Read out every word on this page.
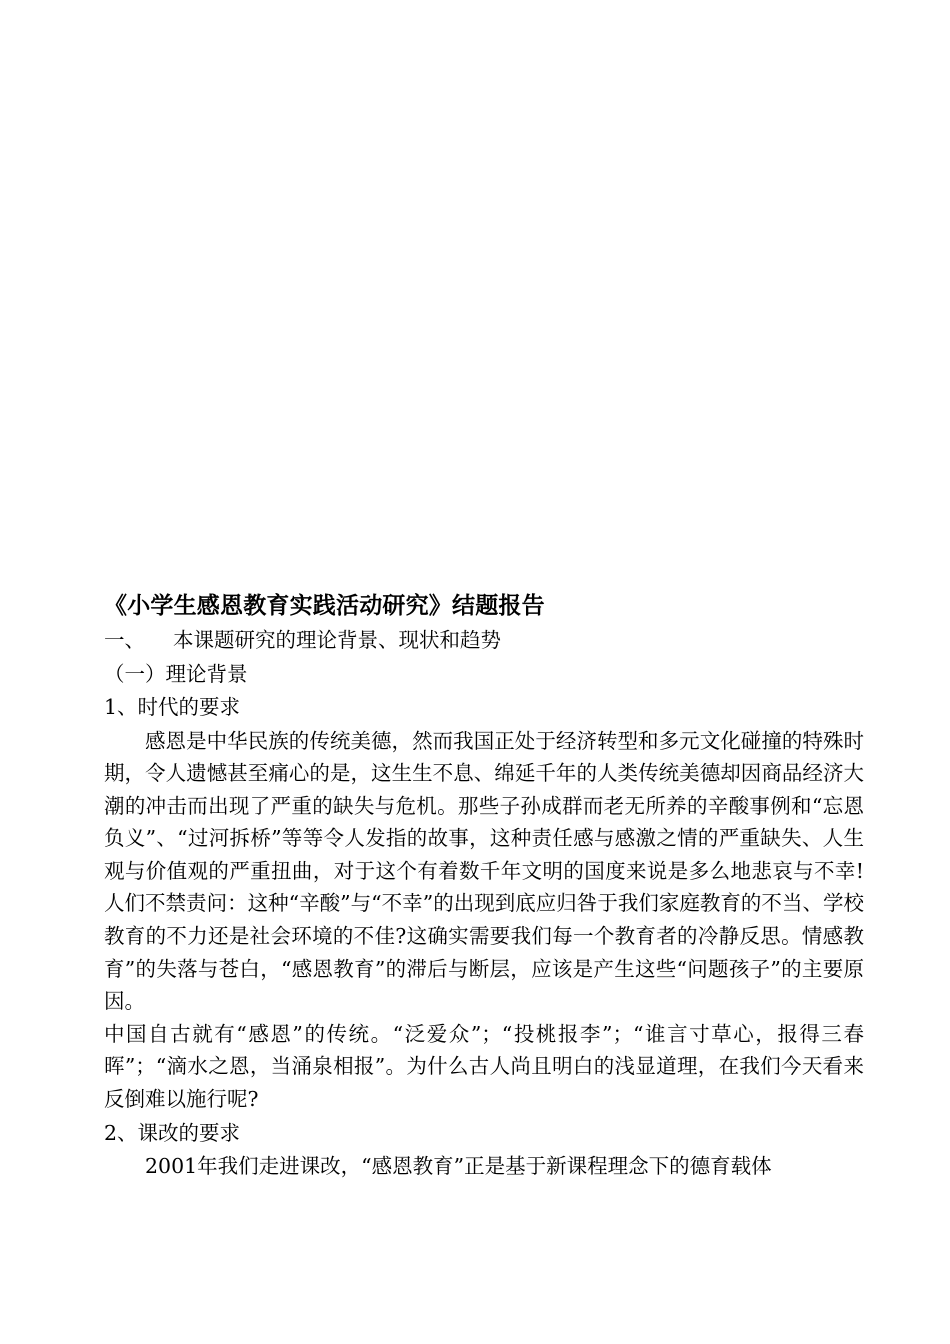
《小学生感恩教育实践活动研究》结题报告
一、 本课题研究的理论背景、现状和趋势
（一）理论背景
1、时代的要求

感恩是中华民族的传统美德，然而我国正处于经济转型和多元文化碰撞的特殊时期，令人遗憾甚至痛心的是，这生生不息、绵延千年的人类传统美德却因商品经济大潮的冲击而出现了严重的缺失与危机。那些子孙成群而老无所养的辛酸事例和“忘恩负义”、“过河拆桥”等等令人发指的故事，这种责任感与感激之情的严重缺失、人生观与价值观的严重扭曲，对于这个有着数千年文明的国度来说是多么地悲哀与不幸!人们不禁责问：这种“辛酸”与“不幸”的出现到底应归咎于我们家庭教育的不当、学校教育的不力还是社会环境的不佳?这确实需要我们每一个教育者的冷静反思。情感教育”的失落与苍白，“感恩教育”的滞后与断层，应该是产生这些“问题孩子”的主要原因。

中国自古就有“感恩”的传统。“泛爱众”；“投桃报李”；“谁言寸草心，报得三春晖”；“滴水之恩，当涌泉相报”。为什么古人尚且明白的浅显道理，在我们今天看来反倒难以施行呢?

2、课改的要求

2001年我们走进课改，“感恩教育”正是基于新课程理念下的德育载体
